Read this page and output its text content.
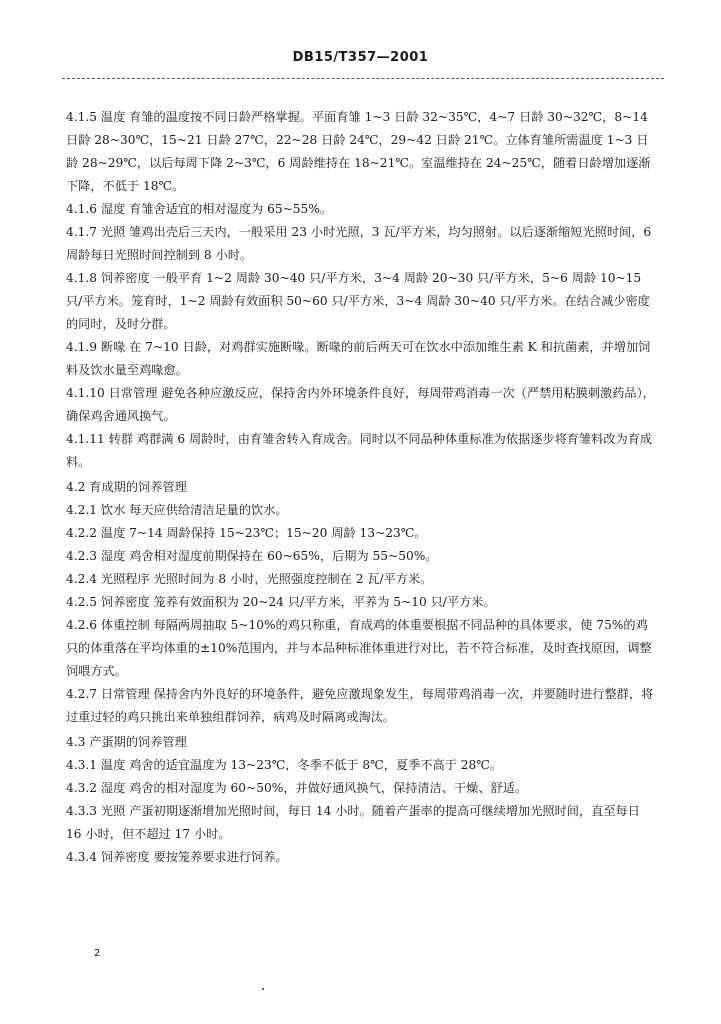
DB15/T357—2001

4.1.5 温度 育雏的温度按不同日龄严格掌握。平面育雏 1~3 日龄 32~35℃，4~7 日龄 30~32℃，8~14 日龄 28~30℃，15~21 日龄 27℃，22~28 日龄 24℃，29~42 日龄 21℃。立体育雏所需温度 1~3 日龄 28~29℃，以后每周下降 2~3℃，6 周龄维持在 18~21℃。室温维持在 24~25℃，随着日龄增加逐渐下降，不低于 18℃。

4.1.6 湿度 育雏舍适宜的相对湿度为 65~55%。

4.1.7 光照 雏鸡出壳后三天内，一般采用 23 小时光照，3 瓦/平方米，均匀照射。以后逐渐缩短光照时间，6 周龄每日光照时间控制到 8 小时。

4.1.8 饲养密度 一般平育 1~2 周龄 30~40 只/平方米，3~4 周龄 20~30 只/平方米，5~6 周龄 10~15 只/平方米。笼育时，1~2 周龄有效面积 50~60 只/平方米，3~4 周龄 30~40 只/平方米。在结合减少密度的同时，及时分群。

4.1.9 断喙 在 7~10 日龄，对鸡群实施断喙。断喙的前后两天可在饮水中添加维生素 K 和抗菌素，并增加饲料及饮水量至鸡喙愈。

4.1.10 日常管理 避免各种应激反应，保持舍内外环境条件良好，每周带鸡消毒一次（严禁用粘膜刺激药品），确保鸡舍通风换气。

4.1.11 转群 鸡群满 6 周龄时，由育雏舍转入育成舍。同时以不同品种体重标准为依据逐步将育雏料改为育成料。

4.2 育成期的饲养管理

4.2.1 饮水 每天应供给清洁足量的饮水。

4.2.2 温度 7~14 周龄保持 15~23℃；15~20 周龄 13~23℃。

4.2.3 湿度 鸡舍相对湿度前期保持在 60~65%，后期为 55~50%。

4.2.4 光照程序 光照时间为 8 小时，光照强度控制在 2 瓦/平方米。

4.2.5 饲养密度 笼养有效面积为 20~24 只/平方米，平养为 5~10 只/平方米。

4.2.6 体重控制 每隔两周抽取 5~10%的鸡只称重，育成鸡的体重要根据不同品种的具体要求，使 75%的鸡只的体重落在平均体重的±10%范围内，并与本品种标准体重进行对比，若不符合标准，及时查找原因，调整饲喂方式。

4.2.7 日常管理 保持舍内外良好的环境条件，避免应激现象发生，每周带鸡消毒一次，并要随时进行整群，将过重过轻的鸡只挑出来单独组群饲养，病鸡及时隔离或淘汰。

4.3 产蛋期的饲养管理

4.3.1 温度 鸡舍的适宜温度为 13~23℃，冬季不低于 8℃，夏季不高于 28℃。

4.3.2 湿度 鸡舍的相对湿度为 60~50%，并做好通风换气，保持清洁、干燥、舒适。

4.3.3 光照 产蛋初期逐渐增加光照时间，每日 14 小时。随着产蛋率的提高可继续增加光照时间，直至每日 16 小时，但不超过 17 小时。

4.3.4 饲养密度 要按笼养要求进行饲养。

2
